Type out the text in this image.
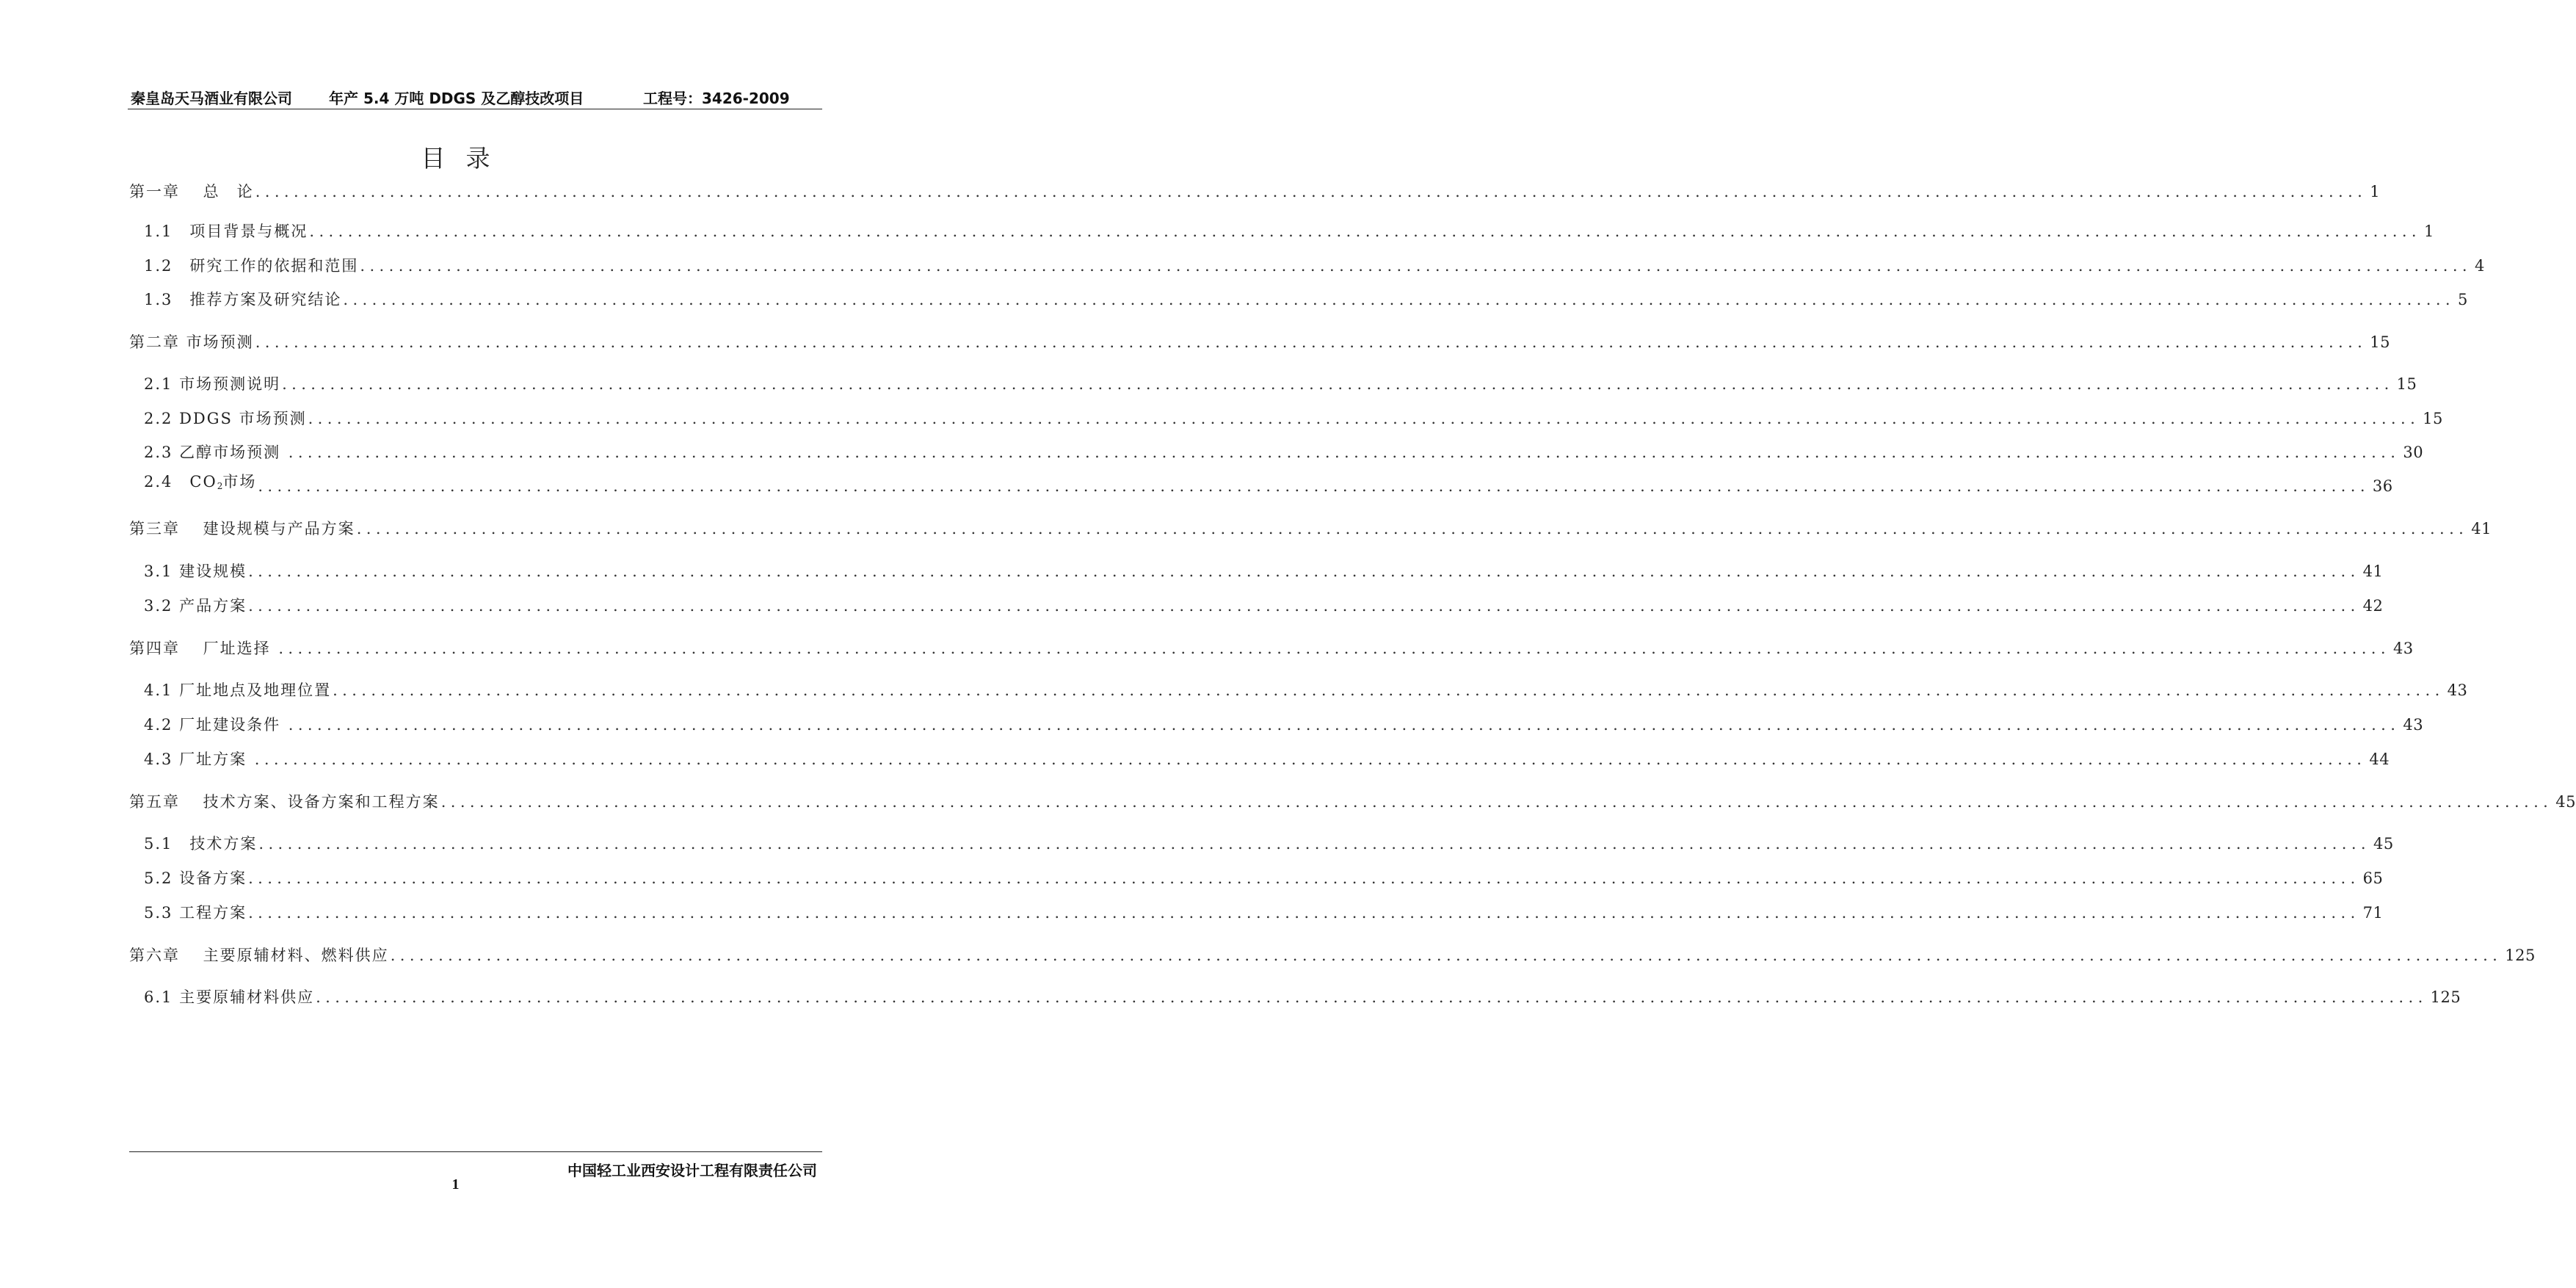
秦皇岛天马酒业有限公司	年产 5.4 万吨 DDGS 及乙醇技改项目	工程号：3426-2009
目录
第一章　 总　论 ............................................................................................................................................................................................................................ 1
1.1　项目背景与概况 ............................................................................................................................................................................................................................ 1
1.2　研究工作的依据和范围 ............................................................................................................................................................................................................................ 4
1.3　推荐方案及研究结论 ............................................................................................................................................................................................................................ 5
第二章 市场预测 ............................................................................................................................................................................................................................ 15
2.1 市场预测说明 ............................................................................................................................................................................................................................ 15
2.2 DDGS 市场预测 ............................................................................................................................................................................................................................ 15
2.3 乙醇市场预测 ............................................................................................................................................................................................................................ 30
2.4　$CO_2$市场 ............................................................................................................................................................................................................................ 36
第三章　 建设规模与产品方案 ............................................................................................................................................................................................................................ 41
3.1 建设规模 ............................................................................................................................................................................................................................ 41
3.2 产品方案 ............................................................................................................................................................................................................................ 42
第四章　 厂址选择 ............................................................................................................................................................................................................................ 43
4.1 厂址地点及地理位置 ............................................................................................................................................................................................................................ 43
4.2 厂址建设条件 ............................................................................................................................................................................................................................ 43
4.3 厂址方案 ............................................................................................................................................................................................................................ 44
第五章　 技术方案、设备方案和工程方案 ............................................................................................................................................................................................................................ 45
5.1　技术方案 ............................................................................................................................................................................................................................ 45
5.2 设备方案 ............................................................................................................................................................................................................................ 65
5.3 工程方案 ............................................................................................................................................................................................................................ 71
第六章　 主要原辅材料、燃料供应 ............................................................................................................................................................................................................................ 125
6.1 主要原辅材料供应 ............................................................................................................................................................................................................................ 125
中国轻工业西安设计工程有限责任公司
1
